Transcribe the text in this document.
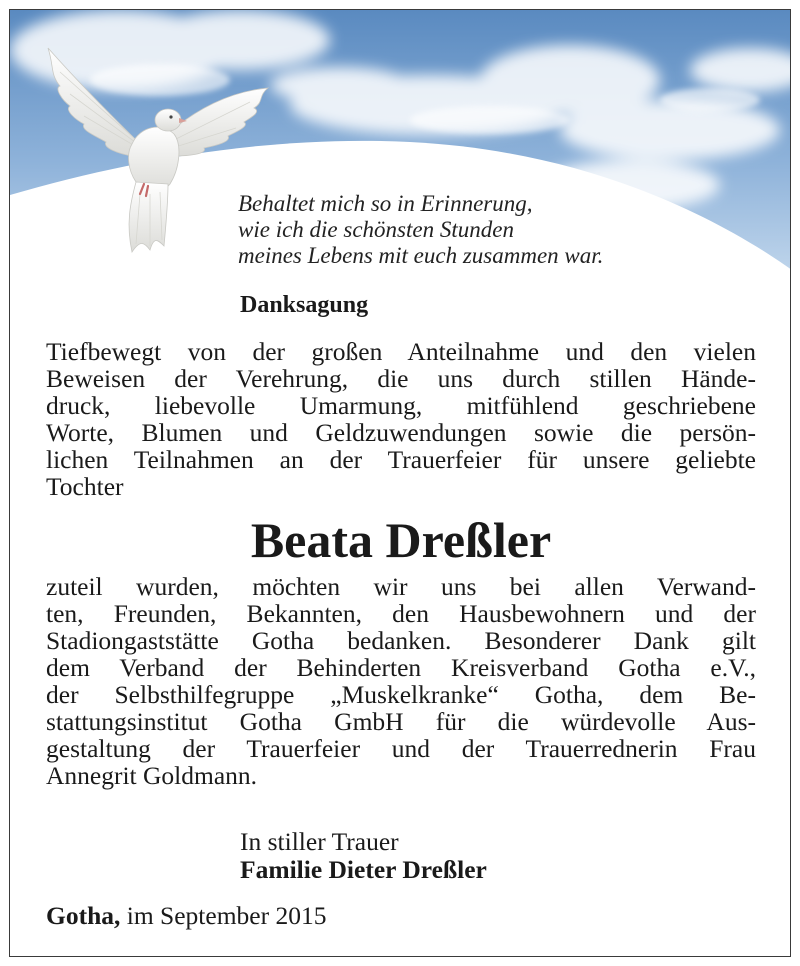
Behaltet mich so in Erinnerung,
wie ich die schönsten Stunden
meines Lebens mit euch zusammen war.
Danksagung
Tiefbewegt von der großen Anteilnahme und den vielen
Beweisen der Verehrung, die uns durch stillen Hände-
druck, liebevolle Umarmung, mitfühlend geschriebene
Worte, Blumen und Geldzuwendungen sowie die persön-
lichen Teilnahmen an der Trauerfeier für unsere geliebte
Tochter
Beata Dreßler
zuteil wurden, möchten wir uns bei allen Verwand-
ten, Freunden, Bekannten, den Hausbewohnern und der
Stadiongaststätte Gotha bedanken. Besonderer Dank gilt
dem Verband der Behinderten Kreisverband Gotha e.V.,
der Selbsthilfegruppe „Muskelkranke“ Gotha, dem Be-
stattungsinstitut Gotha GmbH für die würdevolle Aus-
gestaltung der Trauerfeier und der Trauerrednerin Frau
Annegrit Goldmann.
In stiller Trauer
Familie Dieter Dreßler
Gotha, im September 2015
